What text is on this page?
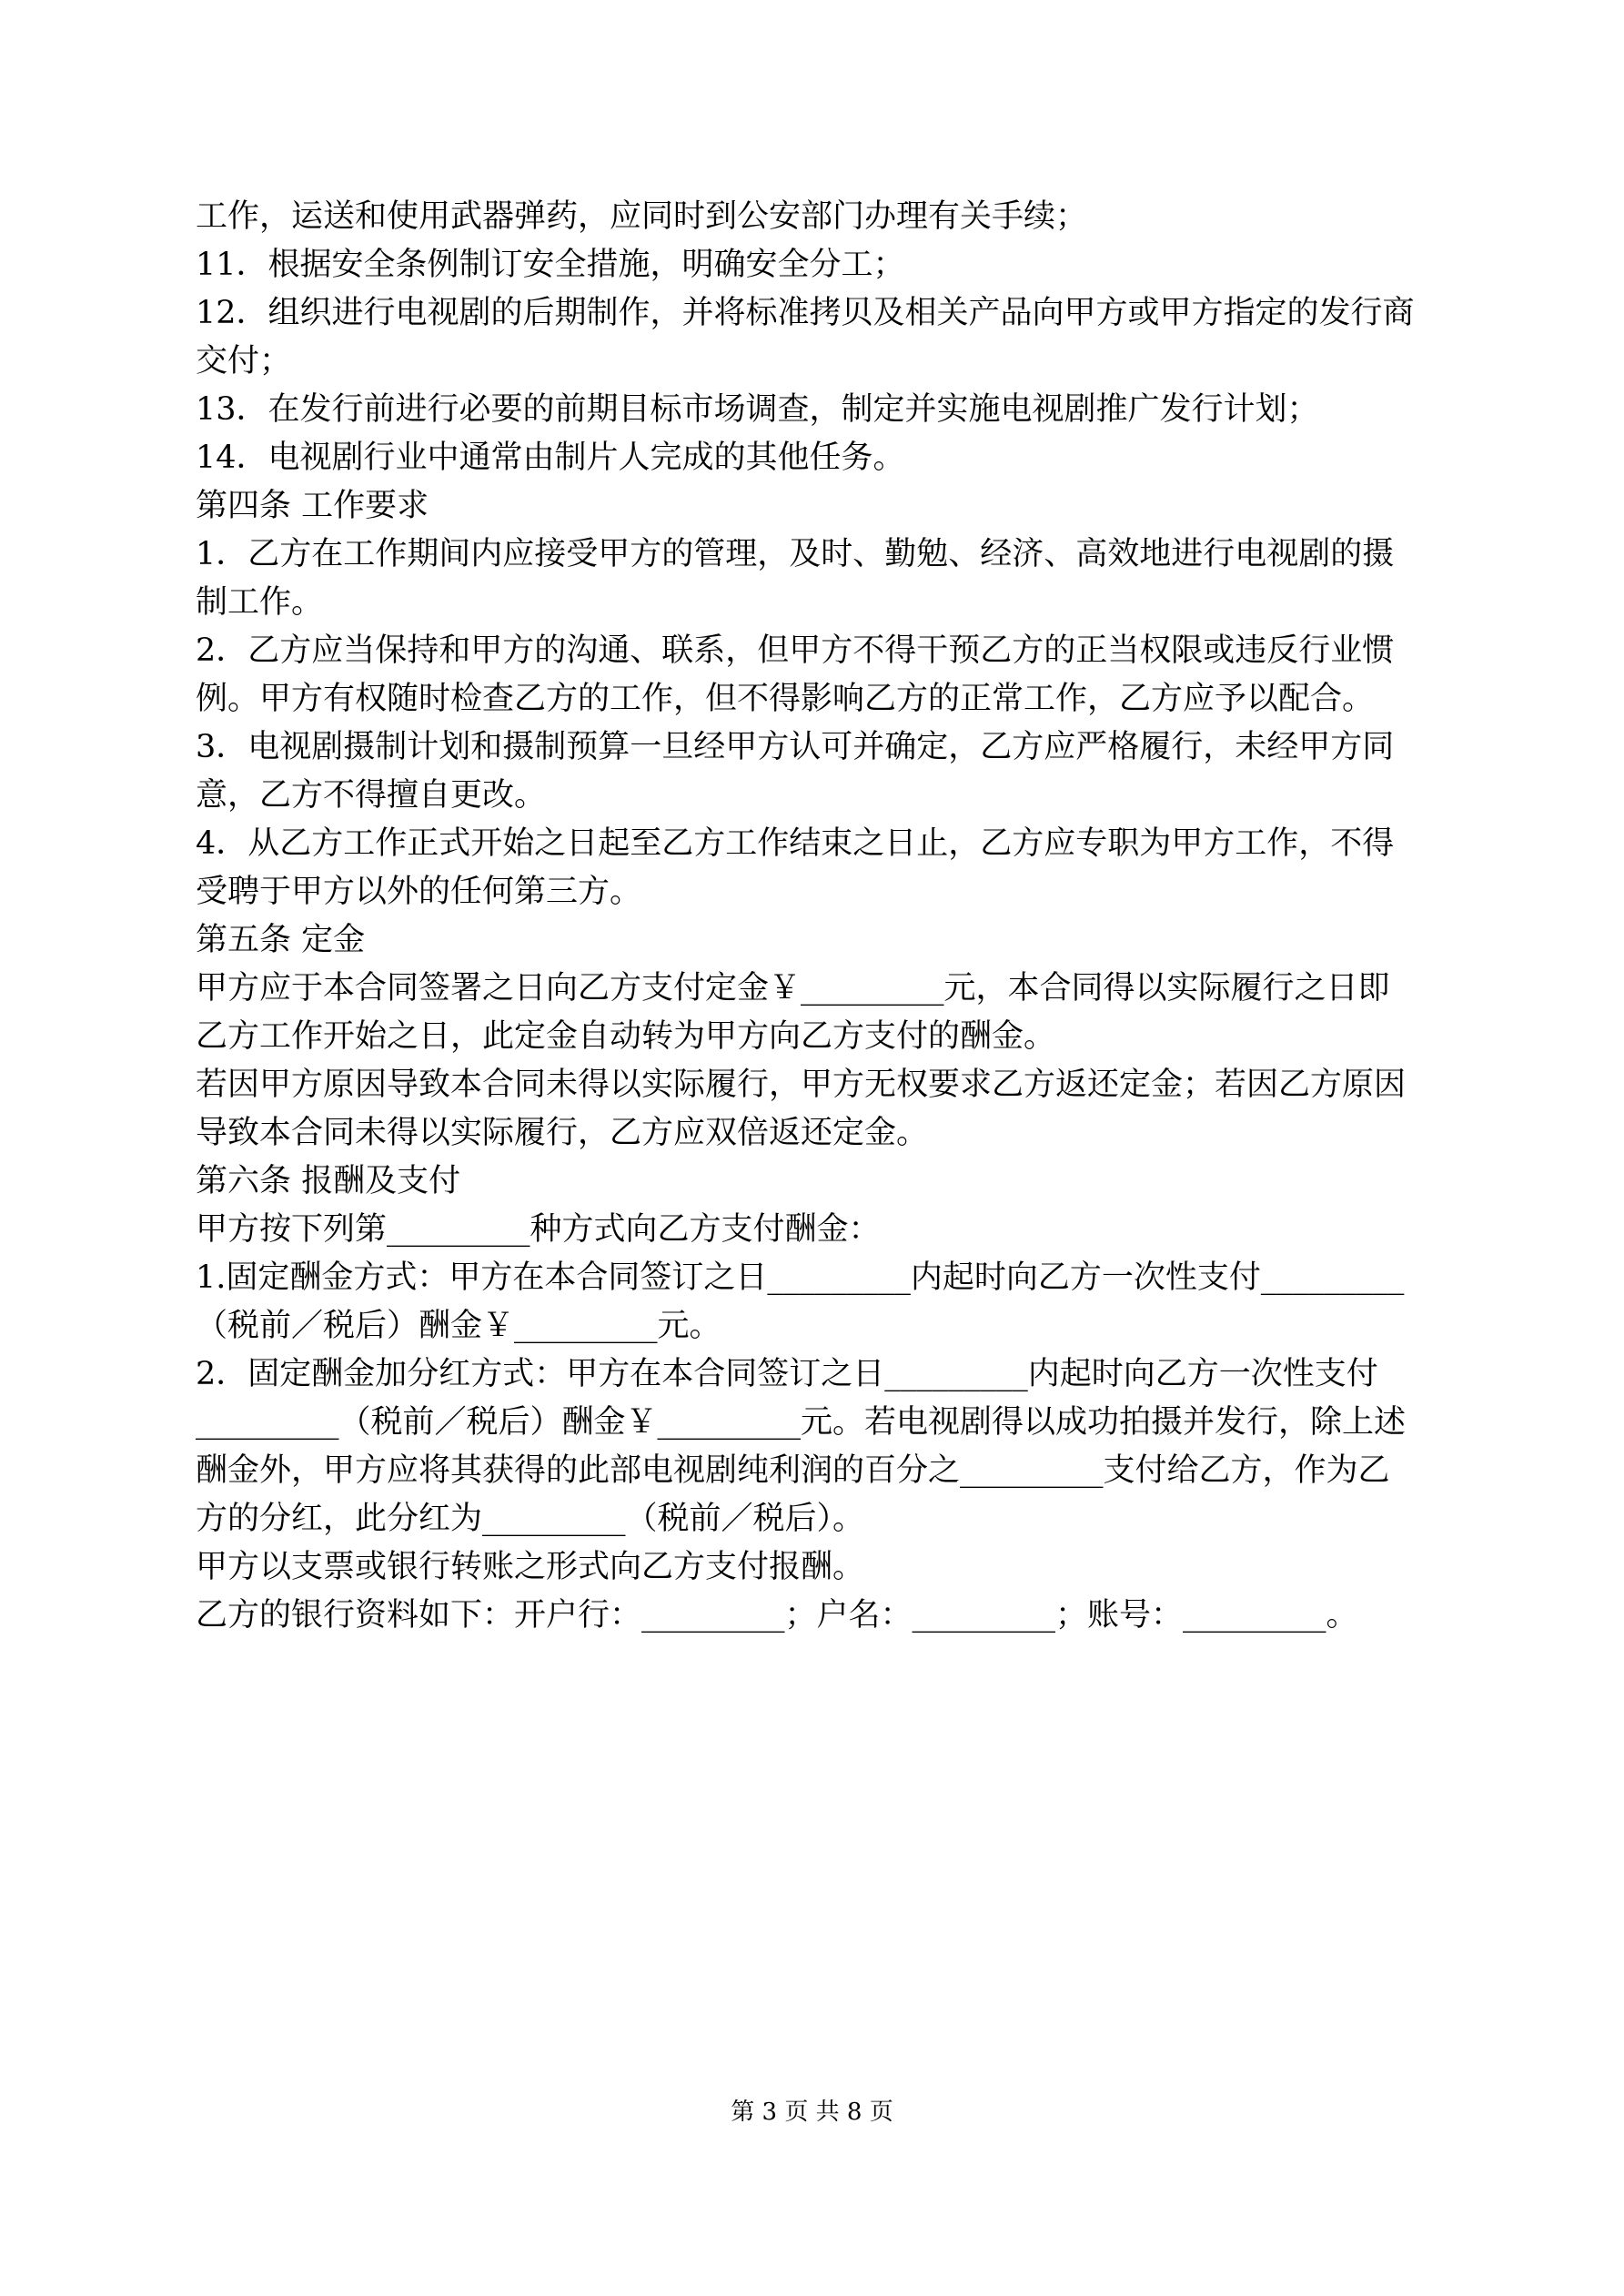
工作，运送和使用武器弹药，应同时到公安部门办理有关手续；

11．根据安全条例制订安全措施，明确安全分工；

12．组织进行电视剧的后期制作，并将标准拷贝及相关产品向甲方或甲方指定的发行商

交付；

13．在发行前进行必要的前期目标市场调查，制定并实施电视剧推广发行计划；

14．电视剧行业中通常由制片人完成的其他任务。

第四条 工作要求

1．乙方在工作期间内应接受甲方的管理，及时、勤勉、经济、高效地进行电视剧的摄

制工作。

2．乙方应当保持和甲方的沟通、联系，但甲方不得干预乙方的正当权限或违反行业惯

例。甲方有权随时检查乙方的工作，但不得影响乙方的正常工作，乙方应予以配合。

3．电视剧摄制计划和摄制预算一旦经甲方认可并确定，乙方应严格履行，未经甲方同

意，乙方不得擅自更改。

4．从乙方工作正式开始之日起至乙方工作结束之日止，乙方应专职为甲方工作，不得

受聘于甲方以外的任何第三方。

第五条 定金

甲方应于本合同签署之日向乙方支付定金￥_________元，本合同得以实际履行之日即

乙方工作开始之日，此定金自动转为甲方向乙方支付的酬金。

若因甲方原因导致本合同未得以实际履行，甲方无权要求乙方返还定金；若因乙方原因

导致本合同未得以实际履行，乙方应双倍返还定金。

第六条 报酬及支付

甲方按下列第_________种方式向乙方支付酬金：

1.固定酬金方式：甲方在本合同签订之日_________内起时向乙方一次性支付_________

（税前／税后）酬金￥_________元。

2．固定酬金加分红方式：甲方在本合同签订之日_________内起时向乙方一次性支付

_________（税前／税后）酬金￥_________元。若电视剧得以成功拍摄并发行，除上述

酬金外，甲方应将其获得的此部电视剧纯利润的百分之_________支付给乙方，作为乙

方的分红，此分红为_________（税前／税后）。

甲方以支票或银行转账之形式向乙方支付报酬。

乙方的银行资料如下：开户行：_________；户名：_________；账号：_________。

第 3 页 共 8 页
